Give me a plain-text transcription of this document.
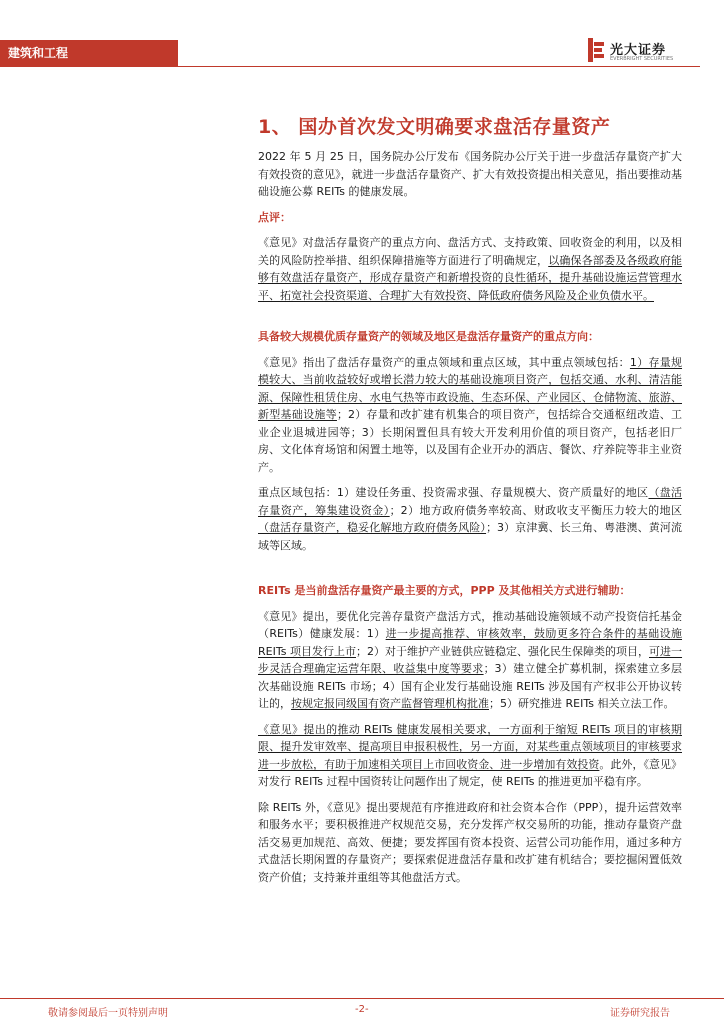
建筑和工程	光大证券
EVERBRIGHT SECURITIES
1、 国办首次发文明确要求盘活存量资产

2022 年 5 月 25 日，国务院办公厅发布《国务院办公厅关于进一步盘活存量资产扩大有效投资的意见》，就进一步盘活存量资产、扩大有效投资提出相关意见，指出要推动基础设施公募 REITs 的健康发展。

点评：

《意见》对盘活存量资产的重点方向、盘活方式、支持政策、回收资金的利用，以及相关的风险防控举措、组织保障措施等方面进行了明确规定，以确保各部委及各级政府能够有效盘活存量资产，形成存量资产和新增投资的良性循环，提升基础设施运营管理水平、拓宽社会投资渠道、合理扩大有效投资、降低政府债务风险及企业负债水平。

具备较大规模优质存量资产的领域及地区是盘活存量资产的重点方向：

《意见》指出了盘活存量资产的重点领域和重点区域，其中重点领域包括：1）存量规模较大、当前收益较好或增长潜力较大的基础设施项目资产，包括交通、水利、清洁能源、保障性租赁住房、水电气热等市政设施、生态环保、产业园区、仓储物流、旅游、新型基础设施等；2）存量和改扩建有机集合的项目资产，包括综合交通枢纽改造、工业企业退城进园等；3）长期闲置但具有较大开发利用价值的项目资产，包括老旧厂房、文化体育场馆和闲置土地等，以及国有企业开办的酒店、餐饮、疗养院等非主业资产。

重点区域包括：1）建设任务重、投资需求强、存量规模大、资产质量好的地区（盘活存量资产，筹集建设资金）；2）地方政府债务率较高、财政收支平衡压力较大的地区（盘活存量资产，稳妥化解地方政府债务风险）；3）京津冀、长三角、粤港澳、黄河流域等区域。

REITs 是当前盘活存量资产最主要的方式，PPP 及其他相关方式进行辅助：

《意见》提出，要优化完善存量资产盘活方式，推动基础设施领域不动产投资信托基金（REITs）健康发展：1）进一步提高推荐、审核效率，鼓励更多符合条件的基础设施 REITs 项目发行上市；2）对于维护产业链供应链稳定、强化民生保障类的项目，可进一步灵活合理确定运营年限、收益集中度等要求；3）建立健全扩募机制，探索建立多层次基础设施 REITs 市场；4）国有企业发行基础设施 REITs 涉及国有产权非公开协议转让的，按规定报同级国有资产监督管理机构批准；5）研究推进 REITs 相关立法工作。

《意见》提出的推动 REITs 健康发展相关要求，一方面利于缩短 REITs 项目的审核期限、提升发审效率、提高项目申报积极性，另一方面，对某些重点领域项目的审核要求进一步放松，有助于加速相关项目上市回收资金、进一步增加有效投资。此外，《意见》对发行 REITs 过程中国资转让问题作出了规定，使 REITs 的推进更加平稳有序。

除 REITs 外，《意见》提出要规范有序推进政府和社会资本合作（PPP），提升运营效率和服务水平；要积极推进产权规范交易，充分发挥产权交易所的功能，推动存量资产盘活交易更加规范、高效、便捷；要发挥国有资本投资、运营公司功能作用，通过多种方式盘活长期闲置的存量资产；要探索促进盘活存量和改扩建有机结合；要挖掘闲置低效资产价值；支持兼并重组等其他盘活方式。

敬请参阅最后一页特别声明	-2-	证券研究报告
